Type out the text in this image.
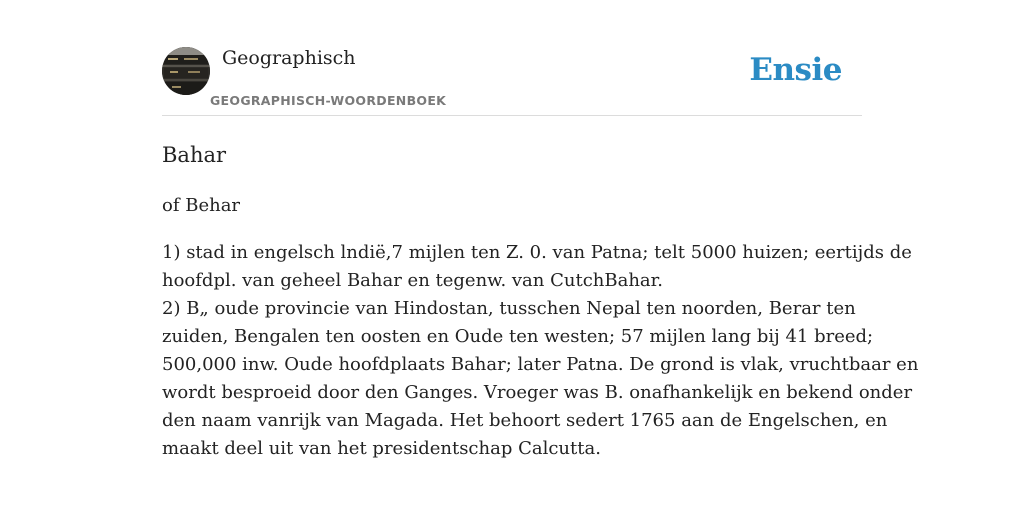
Geographisch
GEOGRAPHISCH-WOORDENBOEK
Ensie
Bahar

of Behar

1) stad in engelsch lndië,7 mijlen ten Z. 0. van Patna; telt 5000 huizen; eertijds de
hoofdpl. van geheel Bahar en tegenw. van CutchBahar.
2) B„ oude provincie van Hindostan, tusschen Nepal ten noorden, Berar ten
zuiden, Bengalen ten oosten en Oude ten westen; 57 mijlen lang bij 41 breed;
500,000 inw. Oude hoofdplaats Bahar; later Patna. De grond is vlak, vruchtbaar en
wordt besproeid door den Ganges. Vroeger was B. onafhankelijk en bekend onder
den naam vanrijk van Magada. Het behoort sedert 1765 aan de Engelschen, en
maakt deel uit van het presidentschap Calcutta.
